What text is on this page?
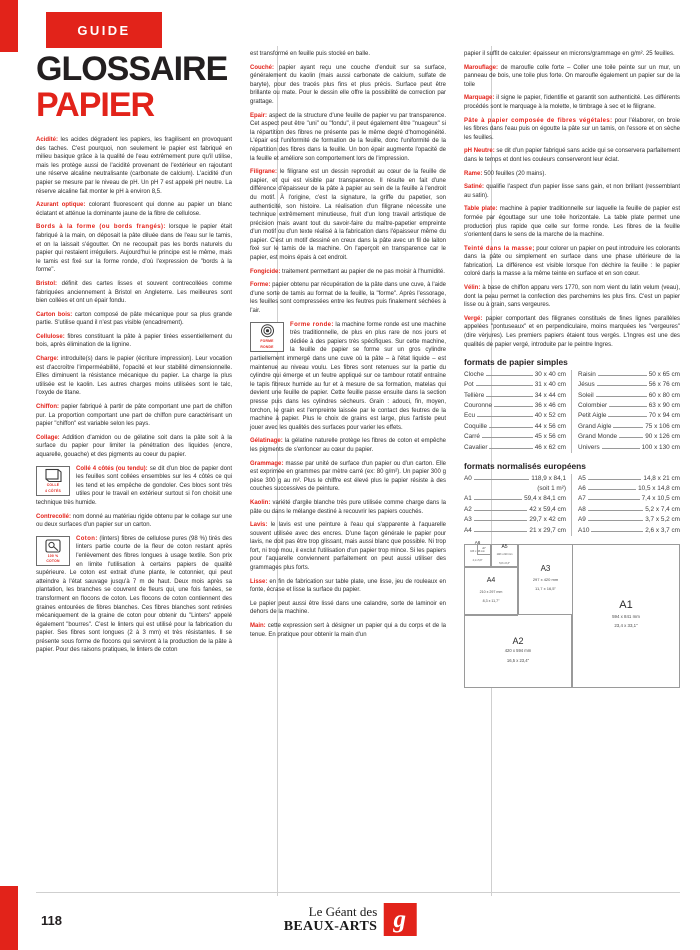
GUIDE
GLOSSAIRE
PAPIER

Acidité: les acides dégradent les papiers, les fragilisent en provoquant des taches. C'est pourquoi, non seulement le papier est fabriqué en milieu basique grâce à la qualité de l'eau extrêmement pure qu'il utilise, mais les protège aussi de l'acidité provenant de l'extérieur en rajoutant une réserve alcaline neutralisante (carbonate de calcium). L'acidité d'un papier se mesure par le niveau de pH. Un pH 7 est appelé pH neutre. La réserve alcaline fait monter le pH à environ 8,5.

Azurant optique: colorant fluorescent qui donne au papier un blanc éclatant et atténue la dominante jaune de la fibre de cellulose.

Bords à la forme (ou bords frangés): lorsque le papier était fabriqué à la main, on déposait la pâte diluée dans de l'eau sur le tamis, et on la laissait s'égoutter. On ne recoupait pas les bords naturels du papier qui restaient irréguliers. Aujourd'hui le principe est le même, mais le tamis est fixé sur la forme ronde, d'où l'expression de "bords à la forme".

Bristol: définit des cartes lisses et souvent contrecollées comme fabriquées anciennement à Bristol en Angleterre. Les meilleures sont bien collées et ont un épair fondu.

Carton bois: carton composé de pâte mécanique pour sa plus grande partie. S'utilise quand il n'est pas visible (encadrement).

Cellulose: fibres constituant la pâte à papier tirées essentiellement du bois, après élimination de la lignine.

Charge: introduite(s) dans le papier (écriture impression). Leur vocation est d'accroître l'imperméabilité, l'opacité et leur stabilité dimensionnelle. Elles diminuent la résistance mécanique du papier. La charge la plus utilisée est le kaolin. Les autres charges moins utilisées sont le talc, l'oxyde de titane.

Chiffon: papier fabriqué à partir de pâte comportant une part de chiffon pur. La proportion comportant une part de chiffon pure caractérisant un papier "chiffon" est variable selon les pays.

Collage: Addition d'amidon ou de gélatine soit dans la pâte soit à la surface du papier pour limiter la pénétration des liquides (encre, aquarelle, gouache) et des pigments au coeur du papier.

COLLÉ
4 CÔTÉS
Collé 4 côtés (ou tendu): se dit d'un bloc de papier dont les feuilles sont collées ensembles sur les 4 côtés ce qui les tend et les empêche de gondoler. Ces blocs sont très utiles pour le travail en extérieur surtout si l'on choisit une technique très humide.

Contrecollé: nom donné au matériau rigide obtenu par le collage sur une ou deux surfaces d'un papier sur un carton.

100 %
COTON
Coton: (linters) fibres de cellulose pures (98 %) tirés des linters partie courte de la fleur de coton restant après l'enlèvement des fibres longues à usage textile. Son prix en limite l'utilisation à certains papiers de qualité supérieure. Le coton est extrait d'une plante, le cotonnier, qui peut atteindre à l'état sauvage jusqu'à 7 m de haut. Deux mois après sa plantation, les branches se couvrent de fleurs qui, une fois fanées, se transforment en flocons de coton. Les flocons de coton contiennent des graines entourées de fibres blanches. Ces fibres blanches sont retirées mécaniquement de la graine de coton pour obtenir du "Linters" appelé également "bourres". C'est le linters qui est utilisé pour la fabrication du papier. Ses fibres sont longues (2 à 3 mm) et très résistantes. Il se présente sous forme de flocons qui serviront à la production de la pâte à papier. Pour des raisons pratiques, le linters de coton

est transformé en feuille puis stocké en balle.

Couché: papier ayant reçu une couche d'enduit sur sa surface, généralement du kaolin (mais aussi carbonate de calcium, sulfate de baryte), pour des tracés plus fins et plus précis. Surface peut être brillante ou mate. Pour le dessin elle offre la possibilité de correction par grattage.

Epair: aspect de la structure d'une feuille de papier vu par transparence. Cet aspect peut être "uni" ou "fondu", il peut également être "nuageux" si la répartition des fibres ne présente pas le même degré d'homogénéité. L'épair est l'uniformité de formation de la feuille, donc l'uniformité de la répartition des fibres dans la feuille. Un bon épair augmente l'opacité de la feuille et améliore son comportement lors de l'impression.

Filigrane: le filigrane est un dessin reproduit au cœur de la feuille de papier, et qui est visible par transparence. Il résulte en fait d'une différence d'épaisseur de la pâte à papier au sein de la feuille à l'endroit du motif. À l'origine, c'est la signature, la griffe du papetier, son authenticité, son histoire. La réalisation d'un filigrane nécessite une technique extrêmement minutieuse, fruit d'un long travail artistique de précision mais avant tout du savoir-faire du maître-papetier empreinte d'un motif ou d'un texte réalisé à la fabrication dans l'épaisseur même du papier. C'est un motif dessiné en creux dans la pâte avec un fil de laiton fixé sur le tamis de la machine. On l'aperçoit en transparence car le papier, est moins épais à cet endroit.

Fongicide: traitement permettant au papier de ne pas moisir à l'humidité.

Forme: papier obtenu par récupération de la pâte dans une cuve, à l'aide d'une sorte de tamis au format de la feuille, la "forme". Après l'essorage, les feuilles sont compressées entre les feutres puis finalement séchées à l'air.

FORME
RONDE
Forme ronde: la machine forme ronde est une machine très traditionnelle, de plus en plus rare de nos jours et dédiée à des papiers très spécifiques. Sur cette machine, la feuille de papier se forme sur un gros cylindre partiellement immergé dans une cuve où la pâte – à l'état liquide – est maintenue au niveau voulu. Les fibres sont retenues sur la partie du cylindre qui émerge et un feutre appliqué sur ce tambour rotatif entraîne le tapis fibreux humide au fur et à mesure de sa formation, matelas qui devient une feuille de papier. Cette feuille passe ensuite dans la section presse puis dans les cylindres sécheurs. Grain : adouci, fin, moyen, torchon, le grain est l'empreinte laissée par le contact des feutres de la machine à papier. Plus le choix de grains est large, plus l'artiste peut jouer avec les qualités des surfaces pour varier les effets.

Gélatinage: la gélatine naturelle protège les fibres de coton et empêche les pigments de s'enfoncer au cœur du papier.

Grammage: masse par unité de surface d'un papier ou d'un carton. Elle est exprimée en grammes par mètre carré (ex: 80 g/m²). Un papier 300 g pèse 300 g au m². Plus le chiffre est élevé plus le papier résiste à des couches successives de peinture.

Kaolin: variété d'argile blanche très pure utilisée comme charge dans la pâte ou dans le mélange destiné à recouvrir les papiers couchés.

Lavis: le lavis est une peinture à l'eau qui s'apparente à l'aquarelle souvent utilisée avec des encres. D'une façon générale le papier pour lavis, ne doit pas être trop glissant, mais aussi blanc que possible. Ni trop fort, ni trop mou, il exclut l'utilisation d'un papier trop mince. Si les papiers pour l'aquarelle conviennent parfaitement on peut aussi utiliser des grammages plus forts.

Lisse: en fin de fabrication sur table plate, une lisse, jeu de rouleaux en fonte, écrase et lisse la surface du papier.

Le papier peut aussi être lissé dans une calandre, sorte de laminoir en dehors de la machine.

Main: cette expression sert à désigner un papier qui a du corps et de la tenue. En pratique pour obtenir la main d'un

papier il suffit de calculer: épaisseur en microns/grammage en g/m². 25 feuilles.

Marouflage: de maroufle colle forte – Coller une toile peinte sur un mur, un panneau de bois, une toile plus forte. On maroufle également un papier sur de la toile

Marquage: il signe le papier, l'identifie et garantit son authenticité. Les différents procédés sont le marquage à la molette, le timbrage à sec et le filigrane.

Pâte à papier composée de fibres végétales: pour l'élaborer, on broie les fibres dans l'eau puis on égoutte la pâte sur un tamis, on l'essore et on sèche les feuilles.

pH Neutre: se dit d'un papier fabriqué sans acide qui se conservera parfaitement dans le temps et dont les couleurs conserveront leur éclat.

Rame: 500 feuilles (20 mains).

Satiné: qualifie l'aspect d'un papier lisse sans gain, et non brillant (ressemblant au satin).

Table plate: machine à papier traditionnelle sur laquelle la feuille de papier est formée par égouttage sur une toile horizontale. La table plate permet une production plus rapide que celle sur forme ronde. Les fibres de la feuille s'orientent dans le sens de la marche de la machine.

Teinté dans la masse; pour colorer un papier on peut introduire les colorants dans la pâte ou simplement en surface dans une phase ultérieure de la fabrication. La différence est visible lorsque l'on déchire la feuille : le papier coloré dans la masse a la même teinte en surface et en son cœur.

Vélin: à base de chiffon apparu vers 1770, son nom vient du latin velum (veau), dont la peau permet la confection des parchemins les plus fins. C'est un papier lisse ou à grain, sans vergeures.

Vergé: papier comportant des filigranes constitués de fines lignes parallèles appelées "pontuseaux" et en perpendiculaire, moins marquées les "vergeures" (dire vèrjures). Les premiers papiers étaient tous vergés. L'Ingres est une des qualités de papier vergé, introduite par le peintre Ingres.

formats de papier simples
Cloche	30 x 40 cm
Pot	31 x 40 cm
Tellière	34 x 44 cm
Couronne	36 x 46 cm
Ecu	40 x 52 cm
Coquille	44 x 56 cm
Carré	45 x 56 cm
Cavalier	46 x 62 cm
Raisin	50 x 65 cm
Jésus	56 x 76 cm
Soleil	60 x 80 cm
Colombier	63 x 90 cm
Petit Aigle	70 x 94 cm
Grand Aigle	75 x 106 cm
Grand Monde	90 x 126 cm
Univers	100 x 130 cm
formats normalisés européens
A0	118,9 x 84,1
(soit 1 m²)
A1	59,4 x 84,1 cm
A2	42 x 59,4 cm
A3	29,7 x 42 cm
A4	21 x 29,7 cm
A5	14,8 x 21 cm
A6	10,5 x 14,8 cm
A7	7,4 x 10,5 cm
A8	5,2 x 7,4 cm
A9	3,7 x 5,2 cm
A10	2,6 x 3,7 cm
A1
594 x 841 mm
23,4 x 33,1"
A2
420 x 594 mm
16,5 x 23,4"
A3
297 x 420 mm
11,7 x 16,5"
A4
210 x 297 mm
8,3 x 11,7"
A5
148 x 210 mm
5,8 x 8,3"
A6
105 x 148 mm
4,1 x 5,8"
A7
118
Le Géant des
BEAUX-ARTS g
